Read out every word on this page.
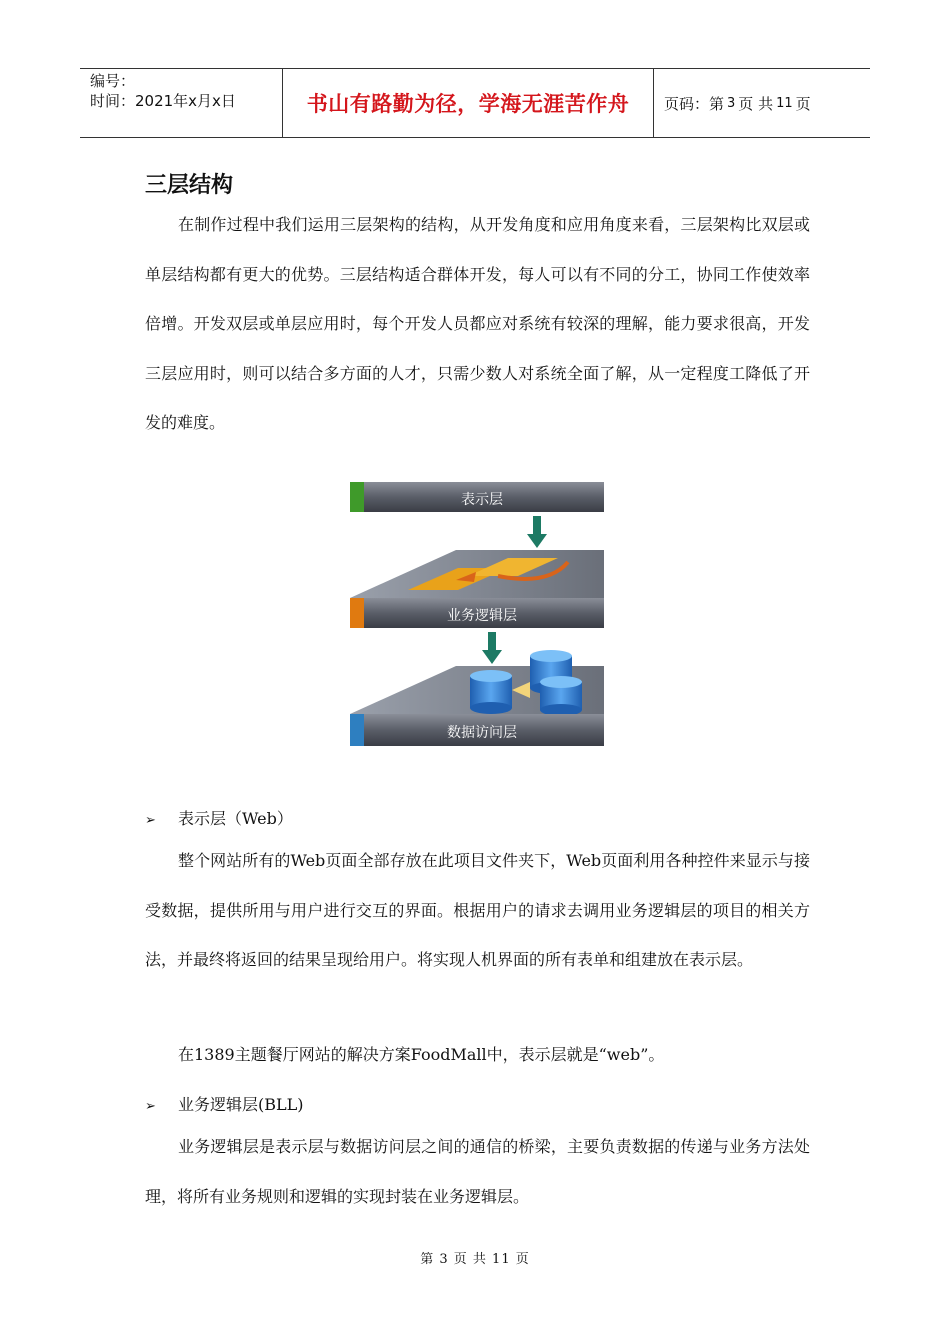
编号：
时间：2021年x月x日	书山有路勤为径，学海无涯苦作舟	页码：第 3 页 共 11 页
三层结构

在制作过程中我们运用三层架构的结构，从开发角度和应用角度来看，三层架构比双层或单层结构都有更大的优势。三层结构适合群体开发，每人可以有不同的分工，协同工作使效率倍增。开发双层或单层应用时，每个开发人员都应对系统有较深的理解，能力要求很高，开发三层应用时，则可以结合多方面的人才，只需少数人对系统全面了解，从一定程度工降低了开发的难度。

表示层
业务逻辑层
数据访问层
➢ 表示层（Web）

整个网站所有的Web页面全部存放在此项目文件夹下，Web页面利用各种控件来显示与接受数据，提供所用与用户进行交互的界面。根据用户的请求去调用业务逻辑层的项目的相关方法，并最终将返回的结果呈现给用户。将实现人机界面的所有表单和组建放在表示层。

在1389主题餐厅网站的解决方案FoodMall中，表示层就是“web”。

➢ 业务逻辑层(BLL)

业务逻辑层是表示层与数据访问层之间的通信的桥梁，主要负责数据的传递与业务方法处理，将所有业务规则和逻辑的实现封装在业务逻辑层。

第 3 页 共 11 页
